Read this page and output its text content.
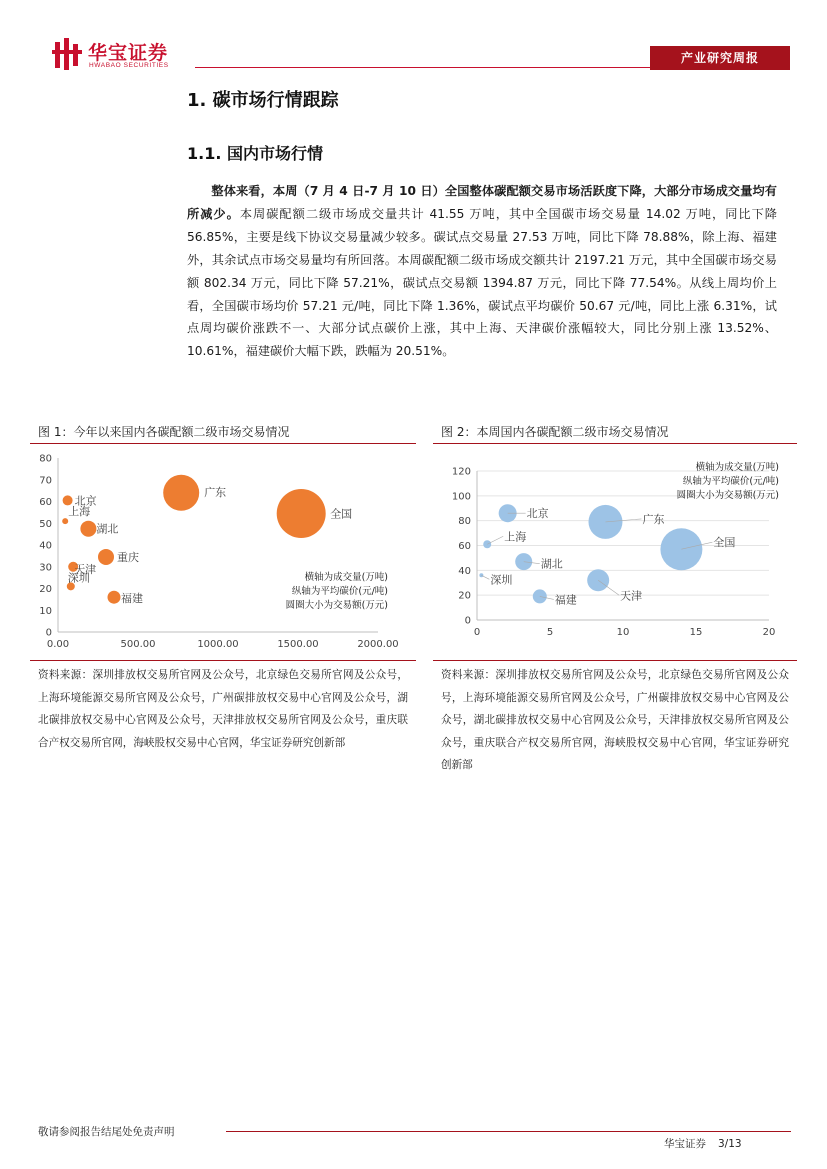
华宝证券
HWABAO SECURITIES
产业研究周报
1. 碳市场行情跟踪
1.1. 国内市场行情
整体来看，本周（7 月 4 日-7 月 10 日）全国整体碳配额交易市场活跃度下降，大部分市场成交量均有所减少。本周碳配额二级市场成交量共计 41.55 万吨，其中全国碳市场交易量 14.02 万吨，同比下降 56.85%，主要是线下协议交易量减少较多。碳试点交易量 27.53 万吨，同比下降 78.88%，除上海、福建外，其余试点市场交易量均有所回落。本周碳配额二级市场成交额共计 2197.21 万元，其中全国碳市场交易额 802.34 万元，同比下降 57.21%，碳试点交易额 1394.87 万元，同比下降 77.54%。从线上周均价上看，全国碳市场均价 57.21 元/吨，同比下降 1.36%，碳试点平均碳价 50.67 元/吨，同比上涨 6.31%，试点周均碳价涨跌不一、大部分试点碳价上涨，其中上海、天津碳价涨幅较大，同比分别上涨 13.52%、10.61%，福建碳价大幅下跌，跌幅为 20.51%。
图 1：今年以来国内各碳配额二级市场交易情况
0
10
20
30
40
50
60
70
80
0.00	500.00	1000.00	1500.00	2000.00
横轴为成交量(万吨)
纵轴为平均碳价(元/吨)
圆圈大小为交易额(万元)
北京
上海
湖北
重庆
天津
深圳
福建
广东
全国
资料来源：深圳排放权交易所官网及公众号，北京绿色交易所官网及公众号，上海环境能源交易所官网及公众号，广州碳排放权交易中心官网及公众号，湖北碳排放权交易中心官网及公众号，天津排放权交易所官网及公众号，重庆联合产权交易所官网，海峡股权交易中心官网，华宝证券研究创新部
图 2：本周国内各碳配额二级市场交易情况
0
20
40
60
80
100
120
0	5	10	15	20
横轴为成交量(万吨)
纵轴为平均碳价(元/吨)
圆圈大小为交易额(万元)
北京
上海
深圳
湖北
福建	天津
广东
全国
资料来源：深圳排放权交易所官网及公众号，北京绿色交易所官网及公众号，上海环境能源交易所官网及公众号，广州碳排放权交易中心官网及公众号，湖北碳排放权交易中心官网及公众号，天津排放权交易所官网及公众号，重庆联合产权交易所官网，海峡股权交易中心官网，华宝证券研究创新部
敬请参阅报告结尾处免责声明
华宝证券 3/13
